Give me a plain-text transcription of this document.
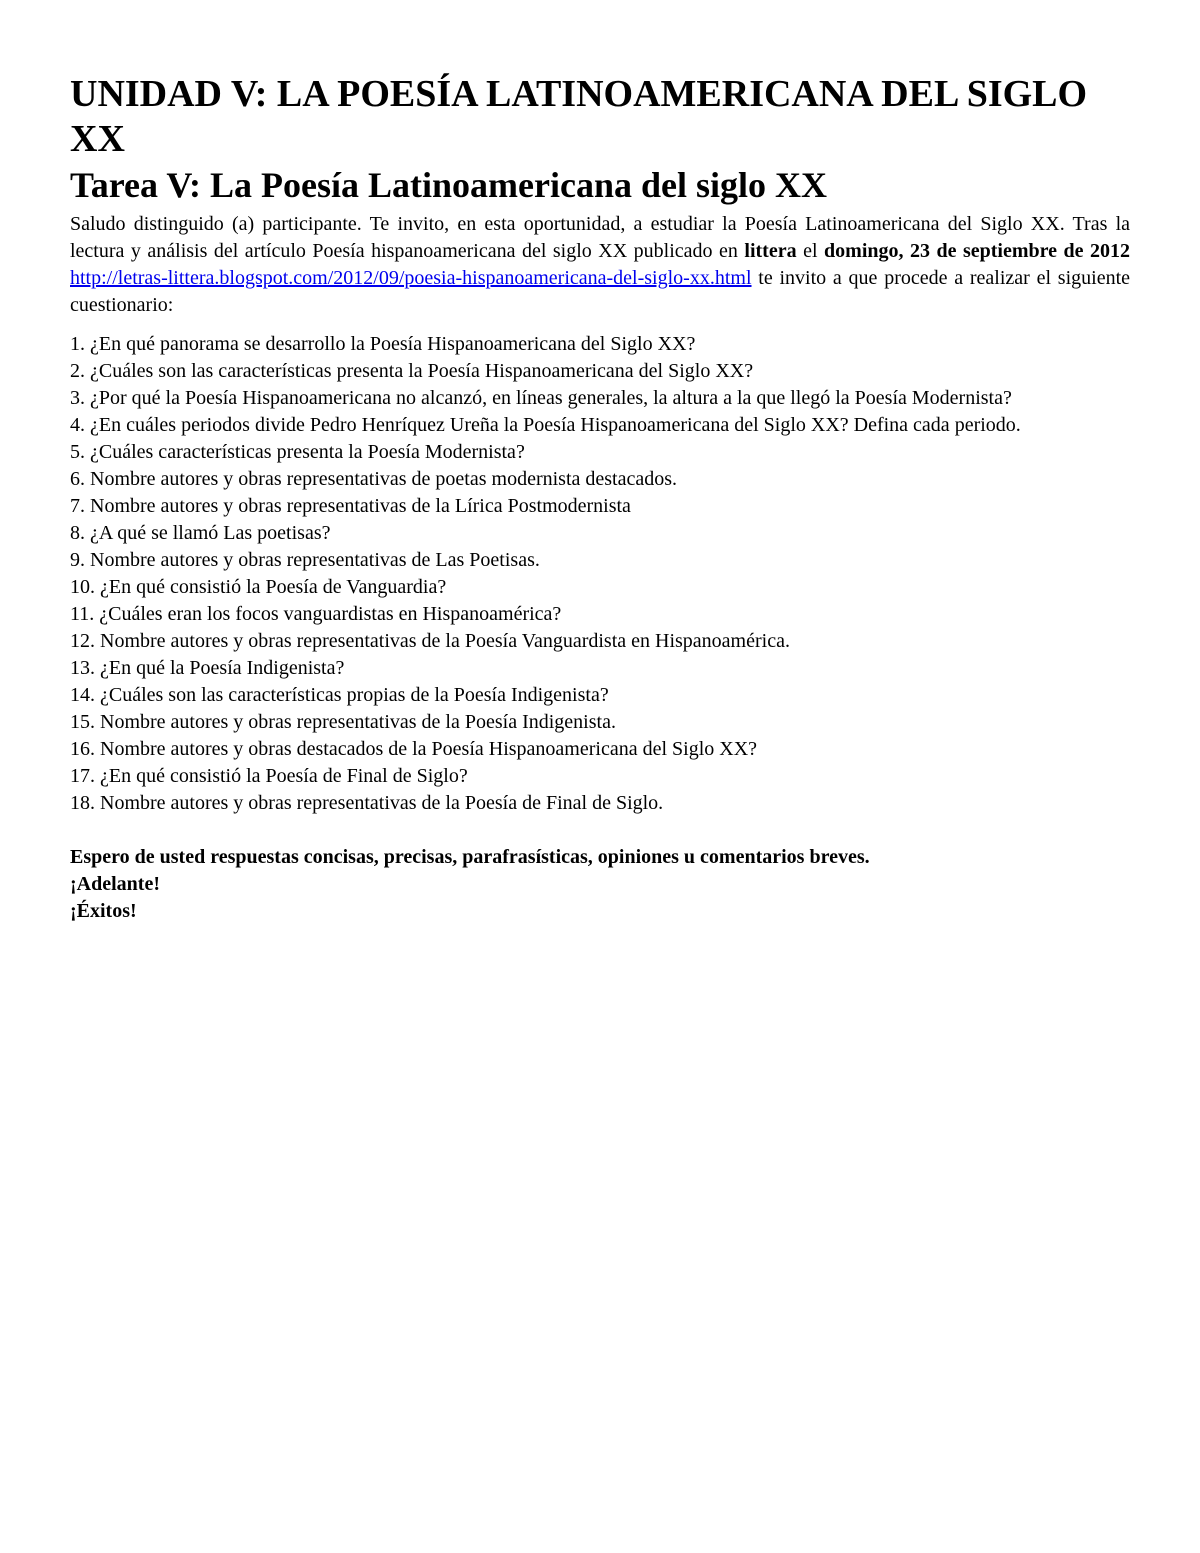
UNIDAD V: LA POESÍA LATINOAMERICANA DEL SIGLO XX
Tarea V: La Poesía Latinoamericana del siglo XX

Saludo distinguido (a) participante. Te invito, en esta oportunidad, a estudiar la Poesía Latinoamericana del Siglo XX. Tras la lectura y análisis del artículo Poesía hispanoamericana del siglo XX publicado en littera el domingo, 23 de septiembre de 2012 http://letras-littera.blogspot.com/2012/09/poesia-hispanoamericana-del-siglo-xx.html te invito a que procede a realizar el siguiente cuestionario:

1. ¿En qué panorama se desarrollo la Poesía Hispanoamericana del Siglo XX?
2. ¿Cuáles son las características presenta la Poesía Hispanoamericana del Siglo XX?
3. ¿Por qué la Poesía Hispanoamericana no alcanzó, en líneas generales, la altura a la que llegó la Poesía Modernista?
4. ¿En cuáles periodos divide Pedro Henríquez Ureña la Poesía Hispanoamericana del Siglo XX? Defina cada periodo.
5. ¿Cuáles características presenta la Poesía Modernista?
6. Nombre autores y obras representativas de poetas modernista destacados.
7. Nombre autores y obras representativas de la Lírica Postmodernista
8. ¿A qué se llamó Las poetisas?
9. Nombre autores y obras representativas de Las Poetisas.
10. ¿En qué consistió la Poesía de Vanguardia?
11. ¿Cuáles eran los focos vanguardistas en Hispanoamérica?
12. Nombre autores y obras representativas de la Poesía Vanguardista en Hispanoamérica.
13. ¿En qué la Poesía Indigenista?
14. ¿Cuáles son las características propias de la Poesía Indigenista?
15. Nombre autores y obras representativas de la Poesía Indigenista.
16. Nombre autores y obras destacados de la Poesía Hispanoamericana del Siglo XX?
17. ¿En qué consistió la Poesía de Final de Siglo?
18. Nombre autores y obras representativas de la Poesía de Final de Siglo.
Espero de usted respuestas concisas, precisas, parafrasísticas, opiniones u comentarios breves.
¡Adelante!
¡Éxitos!
